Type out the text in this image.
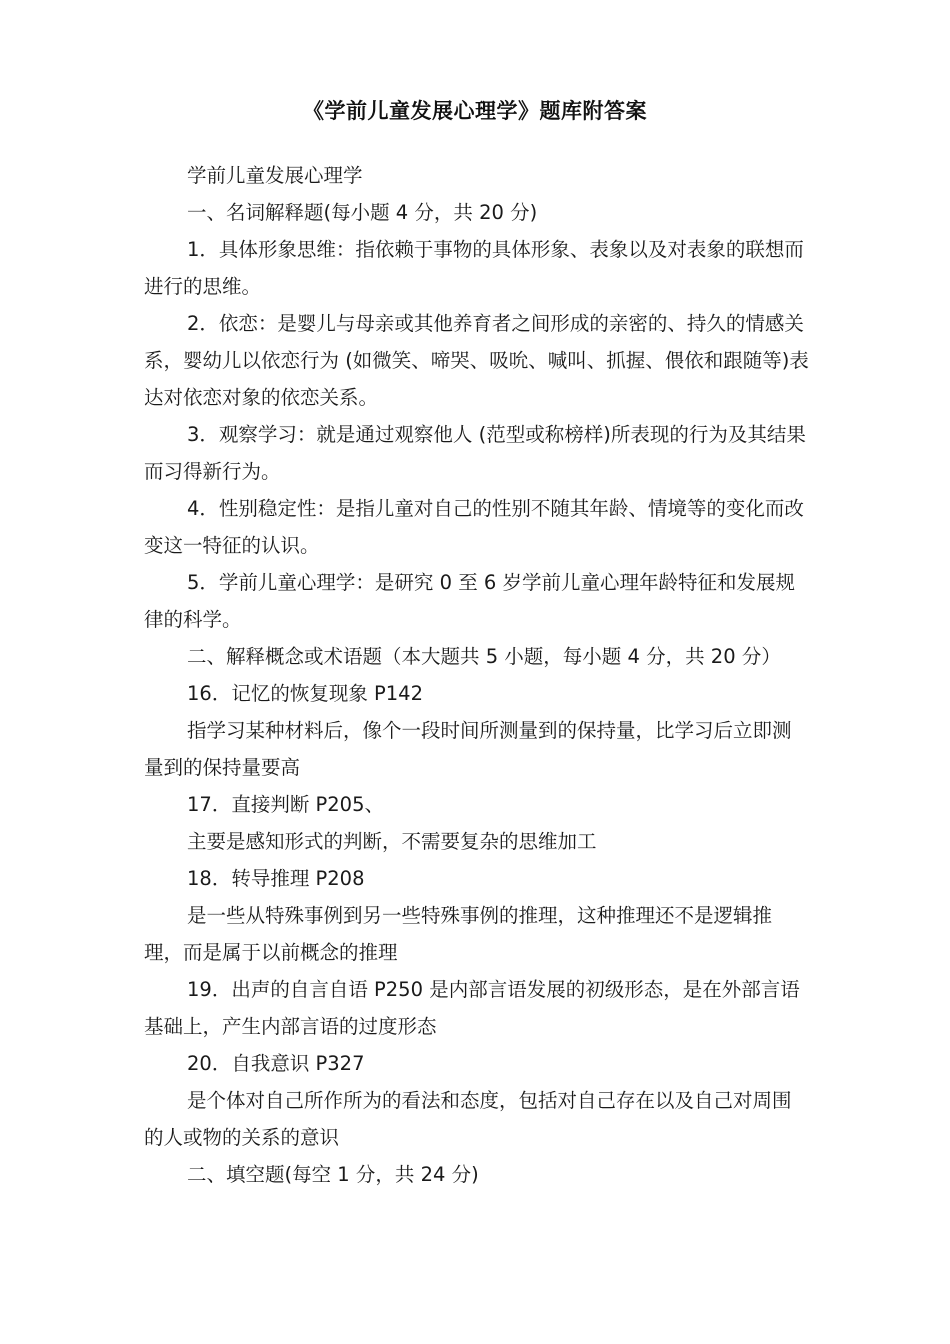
《学前儿童发展心理学》题库附答案

学前儿童发展心理学

一、名词解释题(每小题 4 分，共 20 分)

1．具体形象思维：指依赖于事物的具体形象、表象以及对表象的联想而进行的思维。

2．依恋：是婴儿与母亲或其他养育者之间形成的亲密的、持久的情感关系，婴幼儿以依恋行为 (如微笑、啼哭、吸吮、喊叫、抓握、偎依和跟随等)表达对依恋对象的依恋关系。

3．观察学习：就是通过观察他人 (范型或称榜样)所表现的行为及其结果而习得新行为。

4．性别稳定性：是指儿童对自己的性别不随其年龄、情境等的变化而改变这一特征的认识。

5．学前儿童心理学：是研究 0 至 6 岁学前儿童心理年龄特征和发展规律的科学。

二、解释概念或术语题（本大题共 5 小题，每小题 4 分，共 20 分）

16．记忆的恢复现象 P142

指学习某种材料后，像个一段时间所测量到的保持量，比学习后立即测量到的保持量要高

17．直接判断 P205、

主要是感知形式的判断，不需要复杂的思维加工

18．转导推理 P208

是一些从特殊事例到另一些特殊事例的推理，这种推理还不是逻辑推理，而是属于以前概念的推理

19．出声的自言自语 P250 是内部言语发展的初级形态，是在外部言语基础上，产生内部言语的过度形态

20．自我意识 P327

是个体对自己所作所为的看法和态度，包括对自己存在以及自己对周围的人或物的关系的意识

二、填空题(每空 1 分，共 24 分)
